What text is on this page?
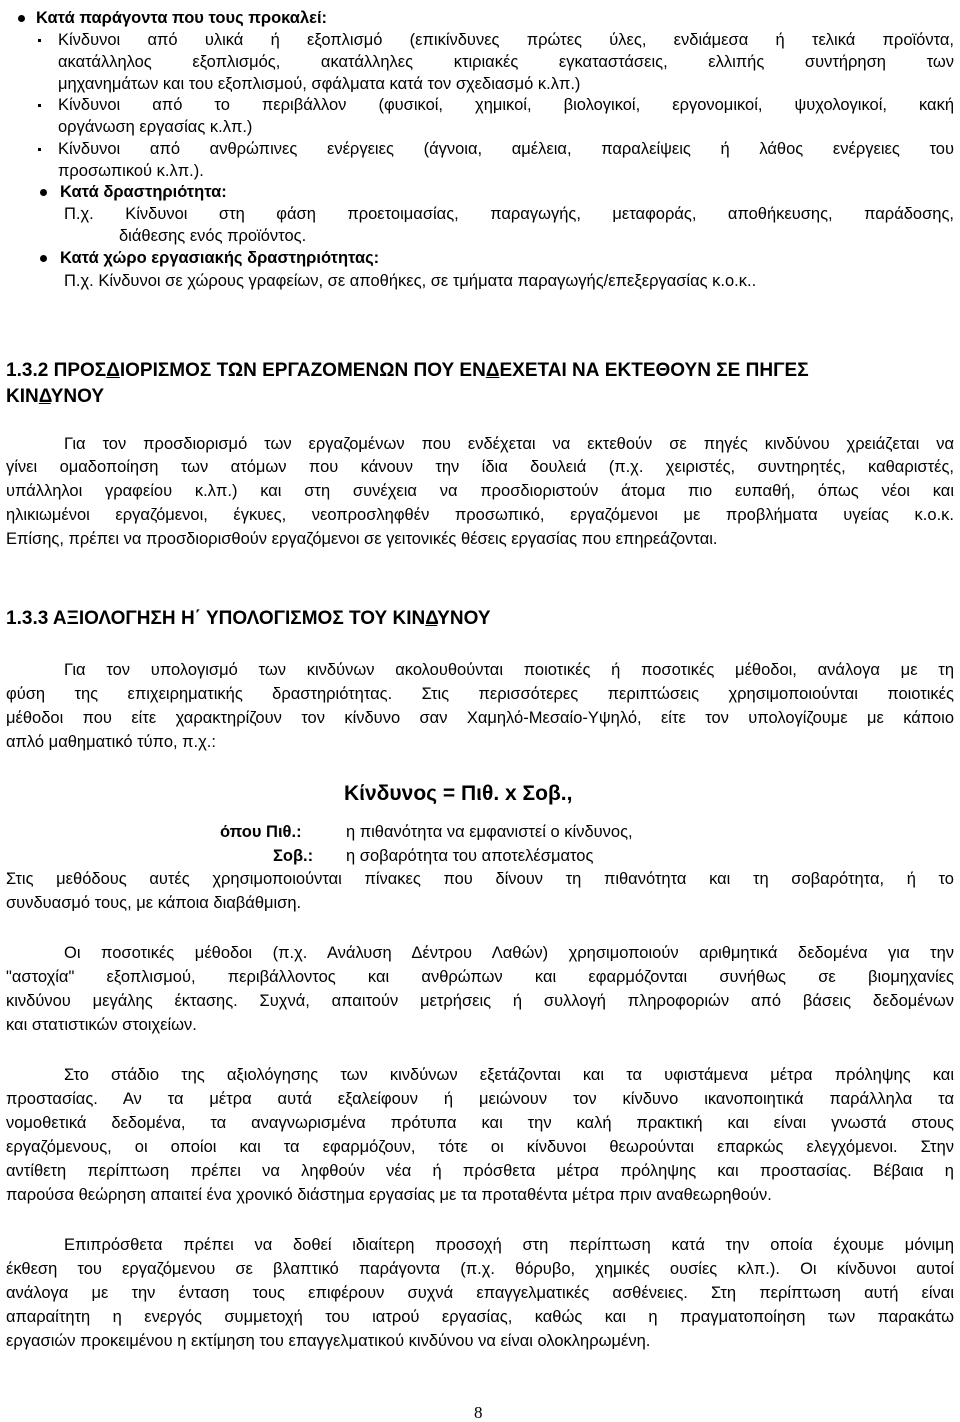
Κατά παράγοντα που τους προκαλεί:
Κίνδυνοι από υλικά ή εξοπλισμό (επικίνδυνες πρώτες ύλες, ενδιάμεσα ή τελικά προϊόντα,
ακατάλληλος εξοπλισμός, ακατάλληλες κτιριακές εγκαταστάσεις, ελλιπής συντήρηση των
μηχανημάτων και του εξοπλισμού, σφάλματα κατά τον σχεδιασμό κ.λπ.)
Κίνδυνοι από το περιβάλλον (φυσικοί, χημικοί, βιολογικοί, εργονομικοί, ψυχολογικοί, κακή
οργάνωση εργασίας κ.λπ.)
Κίνδυνοι από ανθρώπινες ενέργειες (άγνοια, αμέλεια, παραλείψεις ή λάθος ενέργειες του
προσωπικού κ.λπ.).
Κατά δραστηριότητα:
Π.χ. Κίνδυνοι στη φάση προετοιμασίας, παραγωγής, μεταφοράς, αποθήκευσης, παράδοσης,
διάθεσης ενός προϊόντος.
Κατά χώρο εργασιακής δραστηριότητας:
Π.χ. Κίνδυνοι σε χώρους γραφείων, σε αποθήκες, σε τμήματα παραγωγής/επεξεργασίας κ.ο.κ..
1.3.2 ΠΡΟΣΔΙΟΡΙΣΜΟΣ ΤΩΝ ΕΡΓΑΖΟΜΕΝΩΝ ΠΟΥ ΕΝΔΕΧΕΤΑΙ ΝΑ ΕΚΤΕΘΟΥΝ ΣΕ ΠΗΓΕΣ
ΚΙΝΔΥΝΟΥ
Για τον προσδιορισμό των εργαζομένων που ενδέχεται να εκτεθούν σε πηγές κινδύνου χρειάζεται να
γίνει ομαδοποίηση των ατόμων που κάνουν την ίδια δουλειά (π.χ. χειριστές, συντηρητές, καθαριστές,
υπάλληλοι γραφείου κ.λπ.) και στη συνέχεια να προσδιοριστούν άτομα πιο ευπαθή, όπως νέοι και
ηλικιωμένοι εργαζόμενοι, έγκυες, νεοπροσληφθέν προσωπικό, εργαζόμενοι με προβλήματα υγείας κ.ο.κ.
Επίσης, πρέπει να προσδιορισθούν εργαζόμενοι σε γειτονικές θέσεις εργασίας που επηρεάζονται.
1.3.3 ΑΞΙΟΛΟΓΗΣΗ Η΄ ΥΠΟΛΟΓΙΣΜΟΣ ΤΟΥ ΚΙΝΔΥΝΟΥ
Για τον υπολογισμό των κινδύνων ακολουθούνται ποιοτικές ή ποσοτικές μέθοδοι, ανάλογα με τη
φύση της επιχειρηματικής δραστηριότητας. Στις περισσότερες περιπτώσεις χρησιμοποιούνται ποιοτικές
μέθοδοι που είτε χαρακτηρίζουν τον κίνδυνο σαν Χαμηλό-Μεσαίο-Υψηλό, είτε τον υπολογίζουμε με κάποιο
απλό μαθηματικό τύπο, π.χ.:
Κίνδυνος = Πιθ. x Σοβ.,
όπου Πιθ.:	η πιθανότητα να εμφανιστεί ο κίνδυνος,
Σοβ.: η σοβαρότητα του αποτελέσματος
Στις μεθόδους αυτές χρησιμοποιούνται πίνακες που δίνουν τη πιθανότητα και τη σοβαρότητα, ή το
συνδυασμό τους, με κάποια διαβάθμιση.
Οι ποσοτικές μέθοδοι (π.χ. Ανάλυση Δέντρου Λαθών) χρησιμοποιούν αριθμητικά δεδομένα για την
"αστοχία" εξοπλισμού, περιβάλλοντος και ανθρώπων και εφαρμόζονται συνήθως σε βιομηχανίες
κινδύνου μεγάλης έκτασης. Συχνά, απαιτούν μετρήσεις ή συλλογή πληροφοριών από βάσεις δεδομένων
και στατιστικών στοιχείων.
Στο στάδιο της αξιολόγησης των κινδύνων εξετάζονται και τα υφιστάμενα μέτρα πρόληψης και
προστασίας. Αν τα μέτρα αυτά εξαλείφουν ή μειώνουν τον κίνδυνο ικανοποιητικά παράλληλα τα
νομοθετικά δεδομένα, τα αναγνωρισμένα πρότυπα και την καλή πρακτική και είναι γνωστά στους
εργαζόμενους, οι οποίοι και τα εφαρμόζουν, τότε οι κίνδυνοι θεωρούνται επαρκώς ελεγχόμενοι. Στην
αντίθετη περίπτωση πρέπει να ληφθούν νέα ή πρόσθετα μέτρα πρόληψης και προστασίας. Βέβαια η
παρούσα θεώρηση απαιτεί ένα χρονικό διάστημα εργασίας με τα προταθέντα μέτρα πριν αναθεωρηθούν.
Επιπρόσθετα πρέπει να δοθεί ιδιαίτερη προσοχή στη περίπτωση κατά την οποία έχουμε μόνιμη
έκθεση του εργαζόμενου σε βλαπτικό παράγοντα (π.χ. θόρυβο, χημικές ουσίες κλπ.). Οι κίνδυνοι αυτοί
ανάλογα με την ένταση τους επιφέρουν συχνά επαγγελματικές ασθένειες. Στη περίπτωση αυτή είναι
απαραίτητη η ενεργός συμμετοχή του ιατρού εργασίας, καθώς και η πραγματοποίηση των παρακάτω
εργασιών προκειμένου η εκτίμηση του επαγγελματικού κινδύνου να είναι ολοκληρωμένη.
8
